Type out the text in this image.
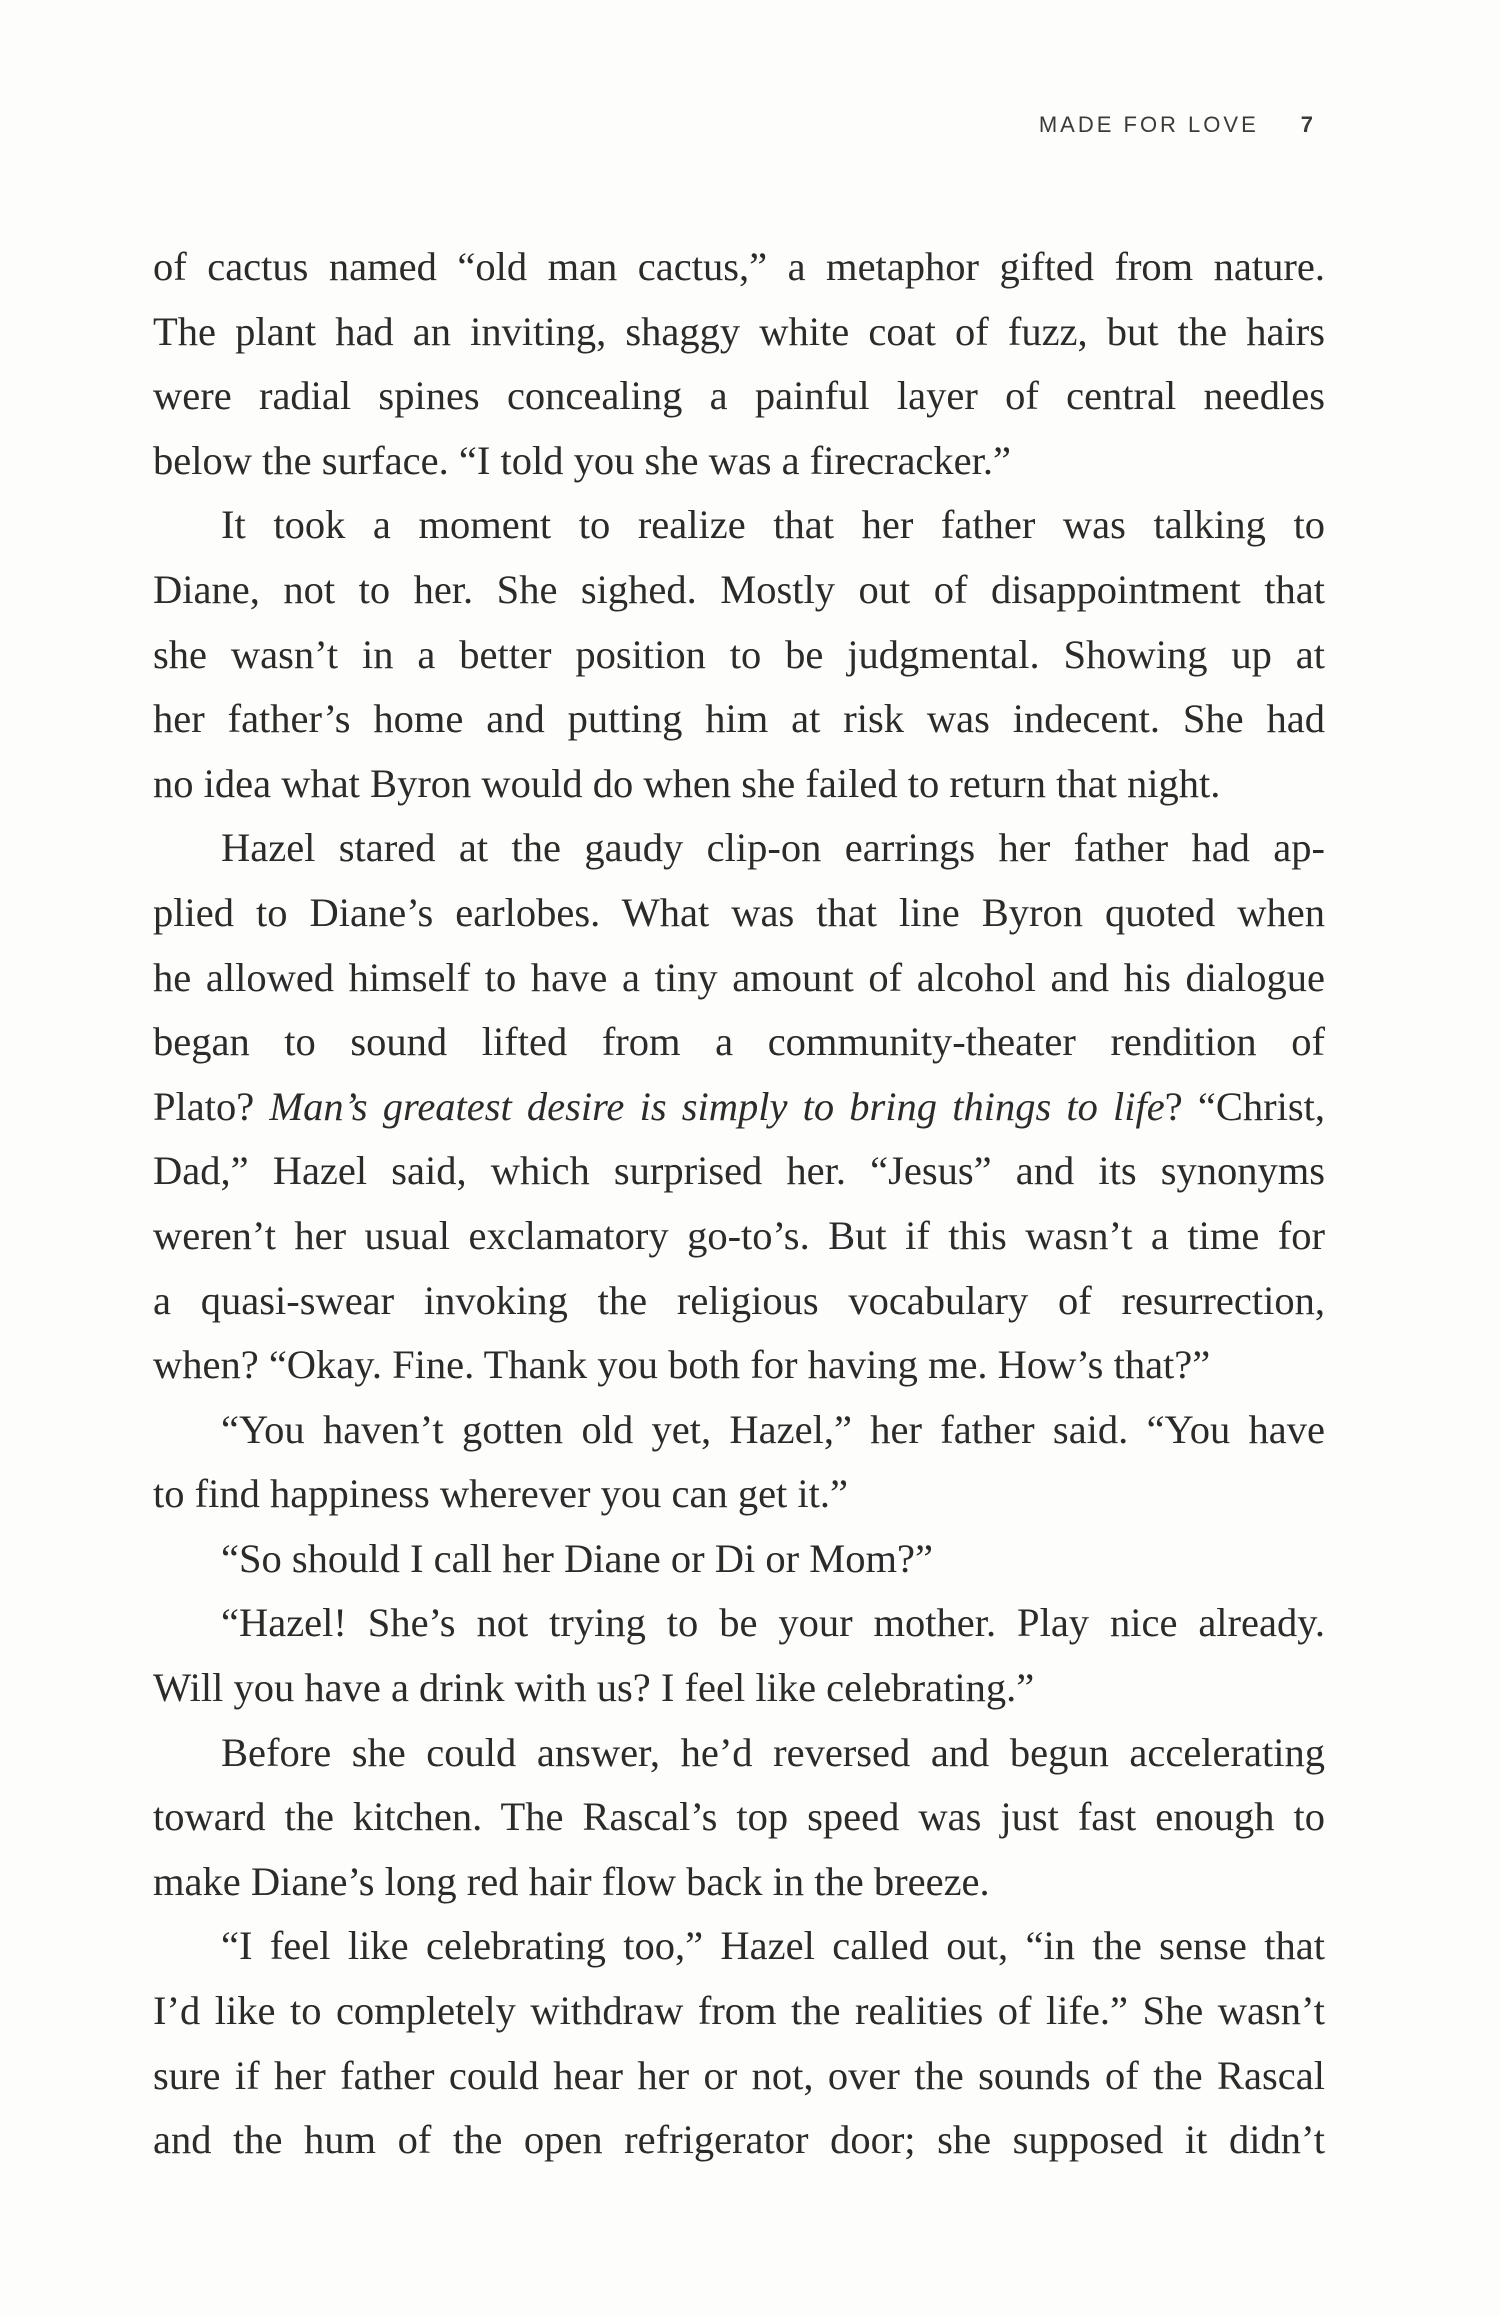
MADE FOR LOVE 7
of cactus named “old man cactus,” a metaphor gifted from nature.
The plant had an inviting, shaggy white coat of fuzz, but the hairs
were radial spines concealing a painful layer of central needles
below the surface. “I told you she was a firecracker.”
It took a moment to realize that her father was talking to
Diane, not to her. She sighed. Mostly out of disappointment that
she wasn’t in a better position to be judgmental. Showing up at
her father’s home and putting him at risk was indecent. She had
no idea what Byron would do when she failed to return that night.
Hazel stared at the gaudy clip-on earrings her father had ap-
plied to Diane’s earlobes. What was that line Byron quoted when
he allowed himself to have a tiny amount of alcohol and his dialogue
began to sound lifted from a community-theater rendition of
Plato? Man’s greatest desire is simply to bring things to life? “Christ,
Dad,” Hazel said, which surprised her. “Jesus” and its synonyms
weren’t her usual exclamatory go-to’s. But if this wasn’t a time for
a quasi-swear invoking the religious vocabulary of resurrection,
when? “Okay. Fine. Thank you both for having me. How’s that?”
“You haven’t gotten old yet, Hazel,” her father said. “You have
to find happiness wherever you can get it.”
“So should I call her Diane or Di or Mom?”
“Hazel! She’s not trying to be your mother. Play nice already.
Will you have a drink with us? I feel like celebrating.”
Before she could answer, he’d reversed and begun accelerating
toward the kitchen. The Rascal’s top speed was just fast enough to
make Diane’s long red hair flow back in the breeze.
“I feel like celebrating too,” Hazel called out, “in the sense that
I’d like to completely withdraw from the realities of life.” She wasn’t
sure if her father could hear her or not, over the sounds of the Rascal
and the hum of the open refrigerator door; she supposed it didn’t
